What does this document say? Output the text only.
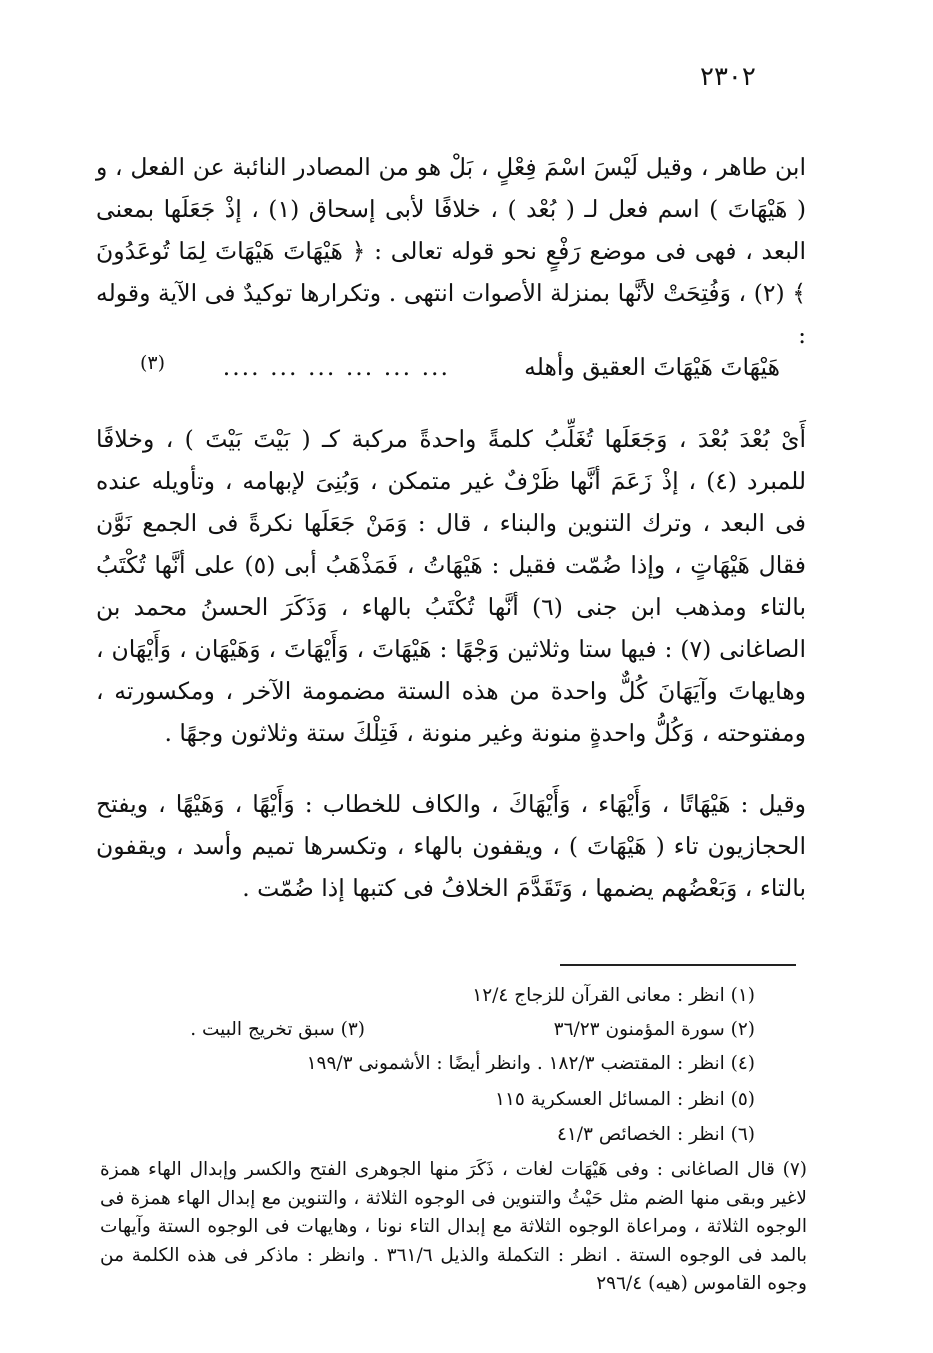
٢٣٠٢
ابن طاهر ، وقيل لَيْسَ اسْمَ فِعْلٍ ، بَلْ هو من المصادر النائبة عن الفعل ، و ( هَيْهَاتَ ) اسم فعل لـ ( بُعْد ) ، خلافًا لأبى إسحاق (١) ، إذْ جَعَلَها بمعنى البعد ، فهى فى موضع رَفْعٍ نحو قوله تعالى : ﴿ هَيْهَاتَ هَيْهَاتَ لِمَا تُوعَدُونَ ﴾ (٢) ، وَفُتِحَتْ لأنَّها بمنزلة الأصوات انتهى . وتكرارها توكيدٌ فى الآية وقوله :
هَيْهَاتَ هَيْهَاتَ العقيق وأهله
... ... ... ... ... ....
(٣)
أَىْ بُعْدَ بُعْدَ ، وَجَعَلَها تُغَلِّبُ كلمةً واحدةً مركبة كـ ( بَيْتَ بَيْتَ ) ، وخلافًا للمبرد (٤) ، إذْ زَعَمَ أنَّها ظَرْفٌ غير متمكن ، وَبُنِىَ لإبهامه ، وتأويله عنده فى البعد ، وترك التنوين والبناء ، قال : وَمَنْ جَعَلَها نكرةً فى الجمع نَوَّن فقال هَيْهَاتٍ ، وإذا ضُمّت فقيل : هَيْهَاتُ ، فَمَذْهَبُ أبى (٥) على أنَّها تُكْتَبُ بالتاء ومذهب ابن جنى (٦) أنَّها تُكْتَبُ بالهاء ، وَذَكَرَ الحسنُ محمد بن الصاغانى (٧) : فيها ستا وثلاثين وَجْهًا : هَيْهَاتَ ، وَأَيْهَاتَ ، وَهَيْهَان ، وَأَيْهَان ، وهايهاتَ وآيَهَانَ كُلٌّ واحدة من هذه الستة مضمومة الآخر ، ومكسورته ، ومفتوحته ، وَكُلُّ واحدةٍ منونة وغير منونة ، فَتِلْكَ ستة وثلاثون وجهًا .
وقيل : هَيْهَاتًا ، وَأَيْهَاء ، وَأَيْهَاكَ ، والكاف للخطاب : وَأَيْهًا ، وَهَيْهًا ، ويفتح الحجازيون تاء ( هَيْهَاتَ ) ، ويقفون بالهاء ، وتكسرها تميم وأسد ، ويقفون بالتاء ، وَبَعْضُهم يضمها ، وَتَقَدَّمَ الخلافُ فى كتبها إذا ضُمّت .
(١) انظر : معانى القرآن للزجاج ١٢/٤
(٢) سورة المؤمنون ٣٦/٢٣
(٣) سبق تخريج البيت .
(٤) انظر : المقتضب ١٨٢/٣ . وانظر أيضًا : الأشمونى ١٩٩/٣
(٥) انظر : المسائل العسكرية ١١٥
(٦) انظر : الخصائص ٤١/٣
(٧) قال الصاغانى : وفى هَيْهَات لغات ، ذَكَرَ منها الجوهرى الفتح والكسر وإبدال الهاء همزة لاغير وبقى منها الضم مثل حَيْثُ والتنوين فى الوجوه الثلاثة ، والتنوين مع إبدال الهاء همزة فى الوجوه الثلاثة ، ومراعاة الوجوه الثلاثة مع إبدال التاء نونا ، وهايهات فى الوجوه الستة وآيهات بالمد فى الوجوه الستة . انظر : التكملة والذيل ٣٦١/٦ . وانظر : ماذكر فى هذه الكلمة من وجوه القاموس (هيه) ٢٩٦/٤
